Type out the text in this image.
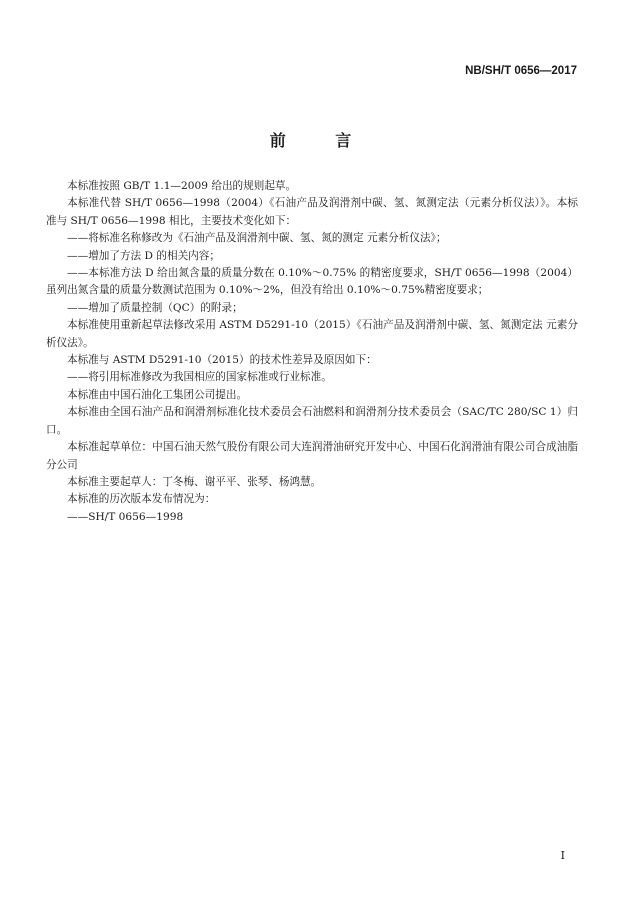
NB/SH/T 0656—2017
前 言

本标准按照 GB/T 1.1—2009 给出的规则起草。

本标准代替 SH/T 0656—1998（2004）《石油产品及润滑剂中碳、氢、氮测定法（元素分析仪法）》。本标准与 SH/T 0656—1998 相比，主要技术变化如下：

——将标准名称修改为《石油产品及润滑剂中碳、氢、氮的测定 元素分析仪法》；

——增加了方法 D 的相关内容；

——本标准方法 D 给出氮含量的质量分数在 0.10%～0.75% 的精密度要求，SH/T 0656—1998（2004）虽列出氮含量的质量分数测试范围为 0.10%～2%，但没有给出 0.10%～0.75%精密度要求；

——增加了质量控制（QC）的附录；

本标准使用重新起草法修改采用 ASTM D5291-10（2015）《石油产品及润滑剂中碳、氢、氮测定法 元素分析仪法》。

本标准与 ASTM D5291-10（2015）的技术性差异及原因如下：

——将引用标准修改为我国相应的国家标准或行业标准。

本标准由中国石油化工集团公司提出。

本标准由全国石油产品和润滑剂标准化技术委员会石油燃料和润滑剂分技术委员会（SAC/TC 280/SC 1）归口。

本标准起草单位：中国石油天然气股份有限公司大连润滑油研究开发中心、中国石化润滑油有限公司合成油脂分公司

本标准主要起草人：丁冬梅、谢平平、张琴、杨鸿慧。

本标准的历次版本发布情况为：

——SH/T 0656—1998

I
